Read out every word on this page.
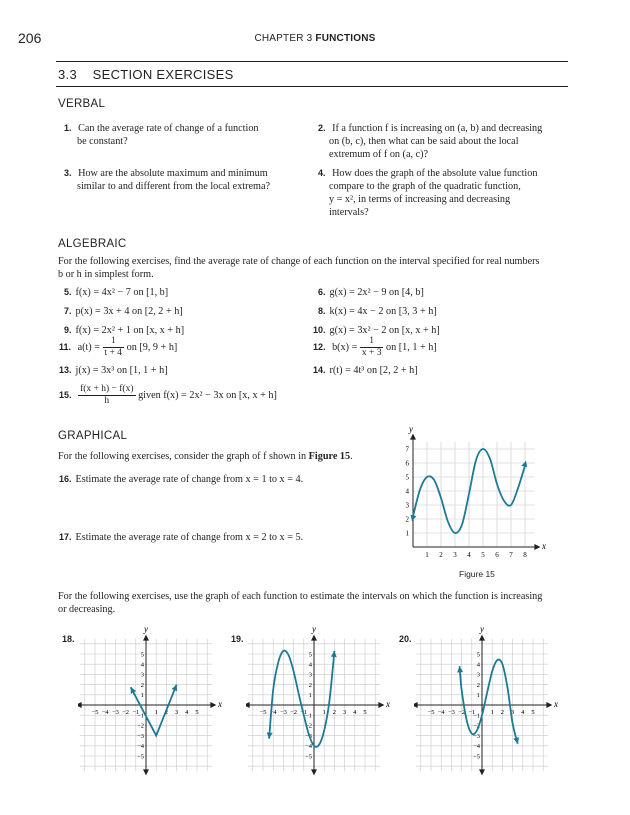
206	CHAPTER 3 FUNCTIONS
3.3 SECTION EXERCISES
VERBAL
1. Can the average rate of change of a function
be constant?
2. If a function f is increasing on (a, b) and decreasing
on (b, c), then what can be said about the local
extremum of f on (a, c)?
3. How are the absolute maximum and minimum
similar to and different from the local extrema?
4. How does the graph of the absolute value function
compare to the graph of the quadratic function,
y = x², in terms of increasing and decreasing
intervals?
ALGEBRAIC
For the following exercises, find the average rate of change of each function on the interval specified for real numbers
b or h in simplest form.
5. f(x) = 4x² − 7 on [1, b]	6. g(x) = 2x² − 9 on [4, b]
7. p(x) = 3x + 4 on [2, 2 + h]	8. k(x) = 4x − 2 on [3, 3 + h]
9. f(x) = 2x² + 1 on [x, x + h]	10. g(x) = 3x² − 2 on [x, x + h]
11. $a(t) = \frac{1}{t + 4}$ on [9, 9 + h]	12. $b(x) = \frac{1}{x + 3}$ on [1, 1 + h]
13. j(x) = 3x³ on [1, 1 + h]	14. r(t) = 4t³ on [2, 2 + h]
15. $\frac{f(x + h) - f(x)}{h}$ given f(x) = 2x² − 3x on [x, x + h]
GRAPHICAL
For the following exercises, consider the graph of f shown in Figure 15.
16. Estimate the average rate of change from x = 1 to x = 4.
17. Estimate the average rate of change from x = 2 to x = 5.
y
x
1 2 3 4 5 6 7 8
1
2
3
4
5
6
7
Figure 15
For the following exercises, use the graph of each function to estimate the intervals on which the function is increasing
or decreasing.
18.
y
x
−5 −4 −3 −2 −1 1 2 3 4 5
−5
−4
−3
−2
−1
1
2
3
4
5
19.
y
x
−5 −4 −3 −2 −1 1 2 3 4 5
−5
−4
−3
−2
−1
1
2
3
4
5
20.
y
x
−5 −4 −3 −2 −1 1 2 3 4 5
−5
−4
−3
−2
−1
1
2
3
4
5
